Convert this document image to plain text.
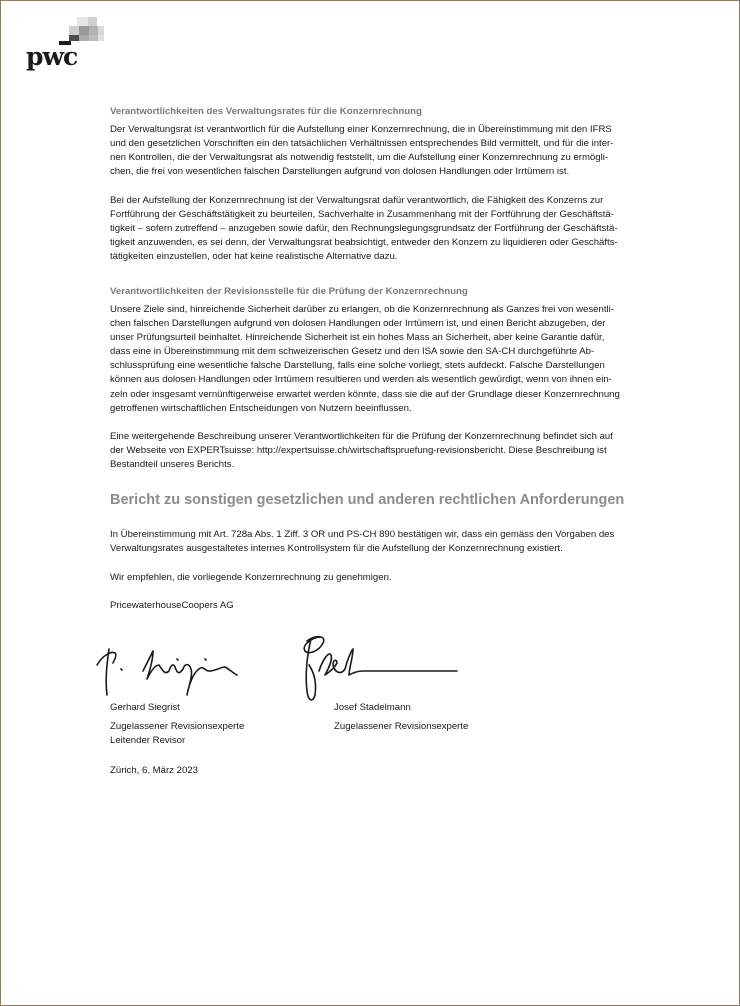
pwc
Verantwortlichkeiten des Verwaltungsrates für die Konzernrechnung
Der Verwaltungsrat ist verantwortlich für die Aufstellung einer Konzernrechnung, die in Übereinstimmung mit den IFRS
und den gesetzlichen Vorschriften ein den tatsächlichen Verhältnissen entsprechendes Bild vermittelt, und für die inter-
nen Kontrollen, die der Verwaltungsrat als notwendig feststellt, um die Aufstellung einer Konzernrechnung zu ermögli-
chen, die frei von wesentlichen falschen Darstellungen aufgrund von dolosen Handlungen oder Irrtümern ist.
Bei der Aufstellung der Konzernrechnung ist der Verwaltungsrat dafür verantwortlich, die Fähigkeit des Konzerns zur
Fortführung der Geschäftstätigkeit zu beurteilen, Sachverhalte in Zusammenhang mit der Fortführung der Geschäftstä-
tigkeit – sofern zutreffend – anzugeben sowie dafür, den Rechnungslegungsgrundsatz der Fortführung der Geschäftstä-
tigkeit anzuwenden, es sei denn, der Verwaltungsrat beabsichtigt, entweder den Konzern zu liquidieren oder Geschäfts-
tätigkeiten einzustellen, oder hat keine realistische Alternative dazu.
Verantwortlichkeiten der Revisionsstelle für die Prüfung der Konzernrechnung
Unsere Ziele sind, hinreichende Sicherheit darüber zu erlangen, ob die Konzernrechnung als Ganzes frei von wesentli-
chen falschen Darstellungen aufgrund von dolosen Handlungen oder Irrtümern ist, und einen Bericht abzugeben, der
unser Prüfungsurteil beinhaltet. Hinreichende Sicherheit ist ein hohes Mass an Sicherheit, aber keine Garantie dafür,
dass eine in Übereinstimmung mit dem schweizerischen Gesetz und den ISA sowie den SA-CH durchgeführte Ab-
schlussprüfung eine wesentliche falsche Darstellung, falls eine solche vorliegt, stets aufdeckt. Falsche Darstellungen
können aus dolosen Handlungen oder Irrtümern resultieren und werden als wesentlich gewürdigt, wenn von ihnen ein-
zeln oder insgesamt vernünftigerweise erwartet werden könnte, dass sie die auf der Grundlage dieser Konzernrechnung
getroffenen wirtschaftlichen Entscheidungen von Nutzern beeinflussen.
Eine weitergehende Beschreibung unserer Verantwortlichkeiten für die Prüfung der Konzernrechnung befindet sich auf
der Webseite von EXPERTsuisse: http://expertsuisse.ch/wirtschaftspruefung-revisionsbericht. Diese Beschreibung ist
Bestandteil unseres Berichts.
Bericht zu sonstigen gesetzlichen und anderen rechtlichen Anforderungen
In Übereinstimmung mit Art. 728a Abs. 1 Ziff. 3 OR und PS-CH 890 bestätigen wir, dass ein gemäss den Vorgaben des
Verwaltungsrates ausgestaltetes internes Kontrollsystem für die Aufstellung der Konzernrechnung existiert.
Wir empfehlen, die vorliegende Konzernrechnung zu genehmigen.
PricewaterhouseCoopers AG
Gerhard Siegrist
Zugelassener Revisionsexperte
Leitender Revisor
Josef Stadelmann
Zugelassener Revisionsexperte
Zürich, 6. März 2023
